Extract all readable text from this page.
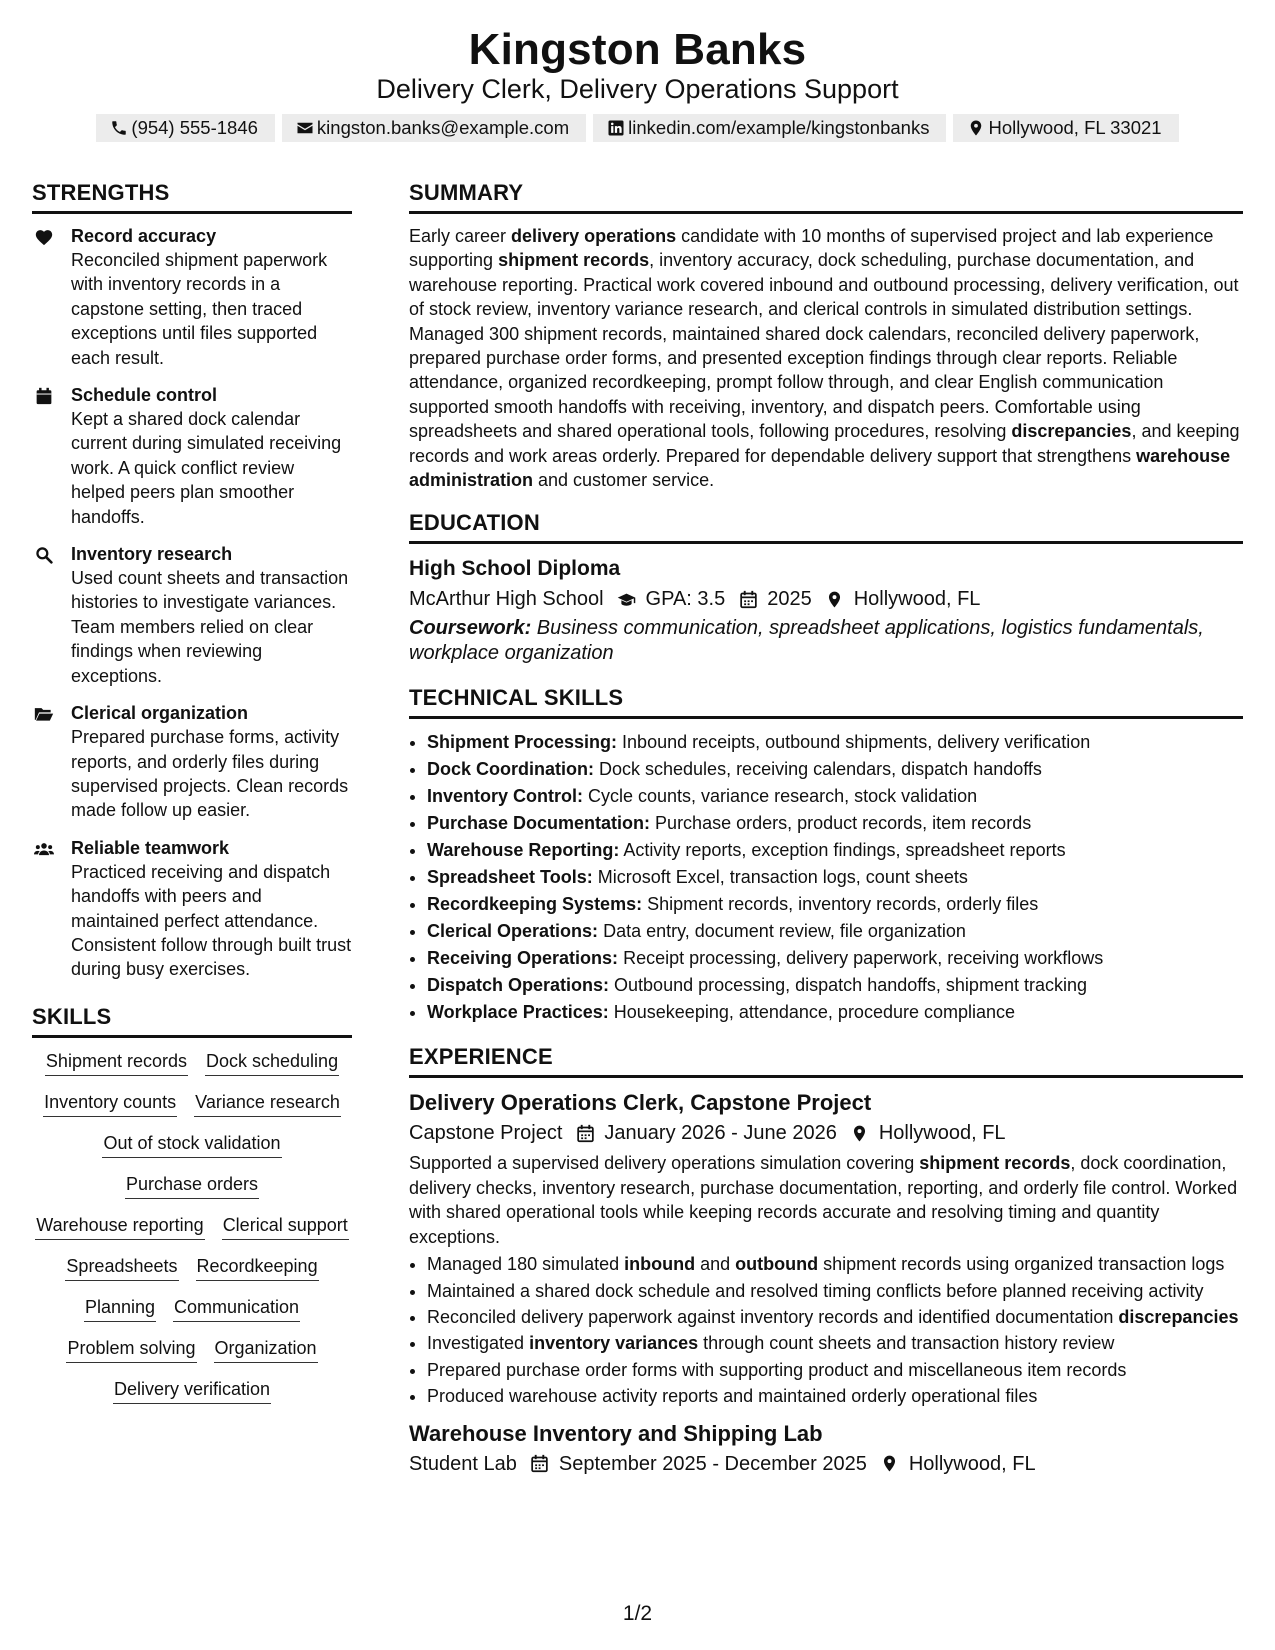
Kingston Banks
Delivery Clerk, Delivery Operations Support
(954) 555-1846	kingston.banks@example.com	linkedin.com/example/kingstonbanks	Hollywood, FL 33021
STRENGTHS
Record accuracy
Reconciled shipment paperwork with inventory records in a capstone setting, then traced exceptions until files supported each result.
Schedule control
Kept a shared dock calendar current during simulated receiving work. A quick conflict review helped peers plan smoother handoffs.
Inventory research
Used count sheets and transaction histories to investigate variances. Team members relied on clear findings when reviewing exceptions.
Clerical organization
Prepared purchase forms, activity reports, and orderly files during supervised projects. Clean records made follow up easier.
Reliable teamwork
Practiced receiving and dispatch handoffs with peers and maintained perfect attendance. Consistent follow through built trust during busy exercises.
SKILLS
Shipment records Dock scheduling
Inventory counts Variance research
Out of stock validation
Purchase orders
Warehouse reporting Clerical support
Spreadsheets Recordkeeping
Planning Communication
Problem solving Organization
Delivery verification
SUMMARY
Early career delivery operations candidate with 10 months of supervised project and lab experience supporting shipment records, inventory accuracy, dock scheduling, purchase documentation, and warehouse reporting. Practical work covered inbound and outbound processing, delivery verification, out of stock review, inventory variance research, and clerical controls in simulated distribution settings. Managed 300 shipment records, maintained shared dock calendars, reconciled delivery paperwork, prepared purchase order forms, and presented exception findings through clear reports. Reliable attendance, organized recordkeeping, prompt follow through, and clear English communication supported smooth handoffs with receiving, inventory, and dispatch peers. Comfortable using spreadsheets and shared operational tools, following procedures, resolving discrepancies, and keeping records and work areas orderly. Prepared for dependable delivery support that strengthens warehouse administration and customer service.
EDUCATION
High School Diploma
McArthur High School GPA: 3.5 2025 Hollywood, FL
Coursework: Business communication, spreadsheet applications, logistics fundamentals, workplace organization
TECHNICAL SKILLS
• Shipment Processing: Inbound receipts, outbound shipments, delivery verification
• Dock Coordination: Dock schedules, receiving calendars, dispatch handoffs
• Inventory Control: Cycle counts, variance research, stock validation
• Purchase Documentation: Purchase orders, product records, item records
• Warehouse Reporting: Activity reports, exception findings, spreadsheet reports
• Spreadsheet Tools: Microsoft Excel, transaction logs, count sheets
• Recordkeeping Systems: Shipment records, inventory records, orderly files
• Clerical Operations: Data entry, document review, file organization
• Receiving Operations: Receipt processing, delivery paperwork, receiving workflows
• Dispatch Operations: Outbound processing, dispatch handoffs, shipment tracking
• Workplace Practices: Housekeeping, attendance, procedure compliance
EXPERIENCE
Delivery Operations Clerk, Capstone Project
Capstone Project January 2026 - June 2026 Hollywood, FL
Supported a supervised delivery operations simulation covering shipment records, dock coordination, delivery checks, inventory research, purchase documentation, reporting, and orderly file control. Worked with shared operational tools while keeping records accurate and resolving timing and quantity exceptions.
• Managed 180 simulated inbound and outbound shipment records using organized transaction logs
• Maintained a shared dock schedule and resolved timing conflicts before planned receiving activity
• Reconciled delivery paperwork against inventory records and identified documentation discrepancies
• Investigated inventory variances through count sheets and transaction history review
• Prepared purchase order forms with supporting product and miscellaneous item records
• Produced warehouse activity reports and maintained orderly operational files
Warehouse Inventory and Shipping Lab
Student Lab September 2025 - December 2025 Hollywood, FL
1/2
